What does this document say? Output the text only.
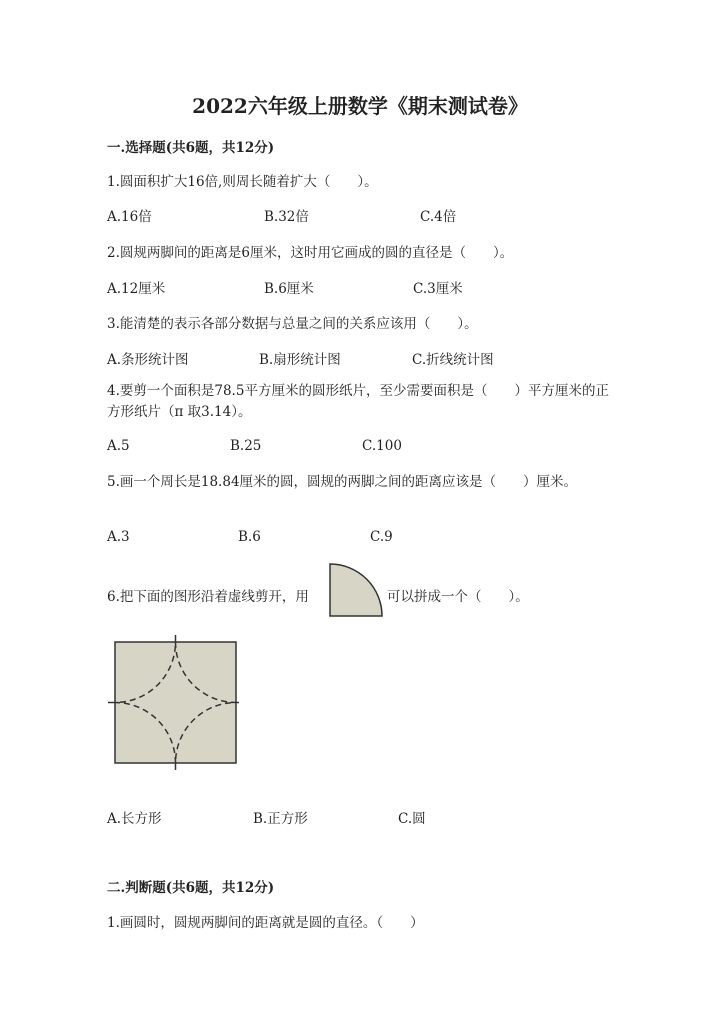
2022六年级上册数学《期末测试卷》
一.选择题(共6题，共12分)
1.圆面积扩大16倍,则周长随着扩大（　　）。
A.16倍	B.32倍	C.4倍
2.圆规两脚间的距离是6厘米，这时用它画成的圆的直径是（　　）。
A.12厘米	B.6厘米	C.3厘米
3.能清楚的表示各部分数据与总量之间的关系应该用（　　）。
A.条形统计图	B.扇形统计图	C.折线统计图
4.要剪一个面积是78.5平方厘米的圆形纸片，至少需要面积是（　　）平方厘米的正方形纸片（π 取3.14）。
A.5	B.25	C.100
5.画一个周长是18.84厘米的圆，圆规的两脚之间的距离应该是（　　）厘米。
A.3	B.6	C.9
6.把下面的图形沿着虚线剪开，用	可以拼成一个（　　）。
A.长方形	B.正方形	C.圆
二.判断题(共6题，共12分)
1.画圆时，圆规两脚间的距离就是圆的直径。（　　）
